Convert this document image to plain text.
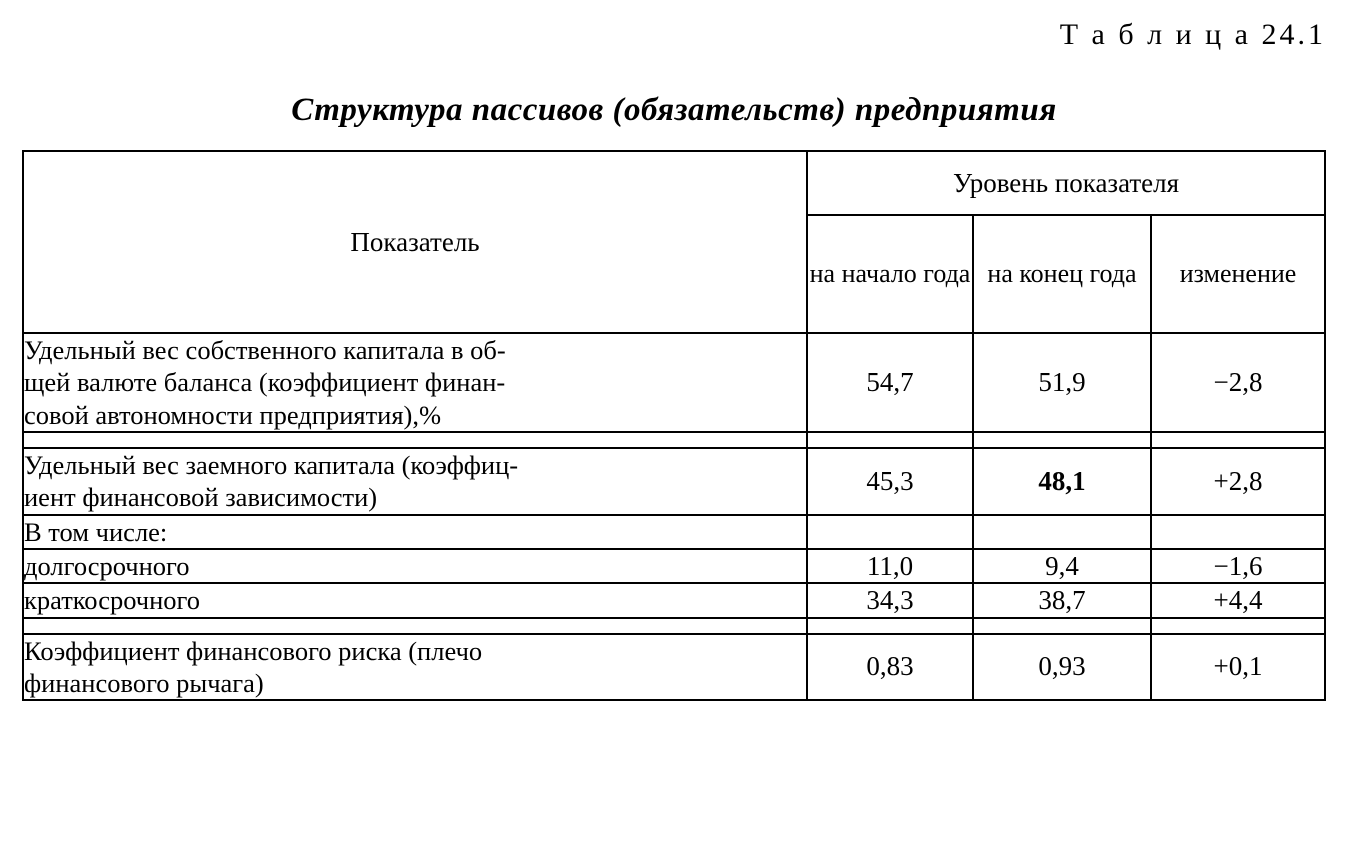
Т а б л и ц а 24.1
Структура пассивов (обязательств) предприятия
Показатель	Уровень показателя		
	на начало года	на конец года	изменение

Удельный вес собственного капитала в об-
щей валюте баланса (коэффициент финан-
совой автономности предприятия),%	54,7	51,9	−2,8

Удельный вес заемного капитала (коэффиц-
иент финансовой зависимости)	45,3	48,1	+2,8

В том числе:			

долгосрочного	11,0	9,4	−1,6

краткосрочного	34,3	38,7	+4,4

Коэффициент финансового риска (плечо
финансового рычага)	0,83	0,93	+0,1
